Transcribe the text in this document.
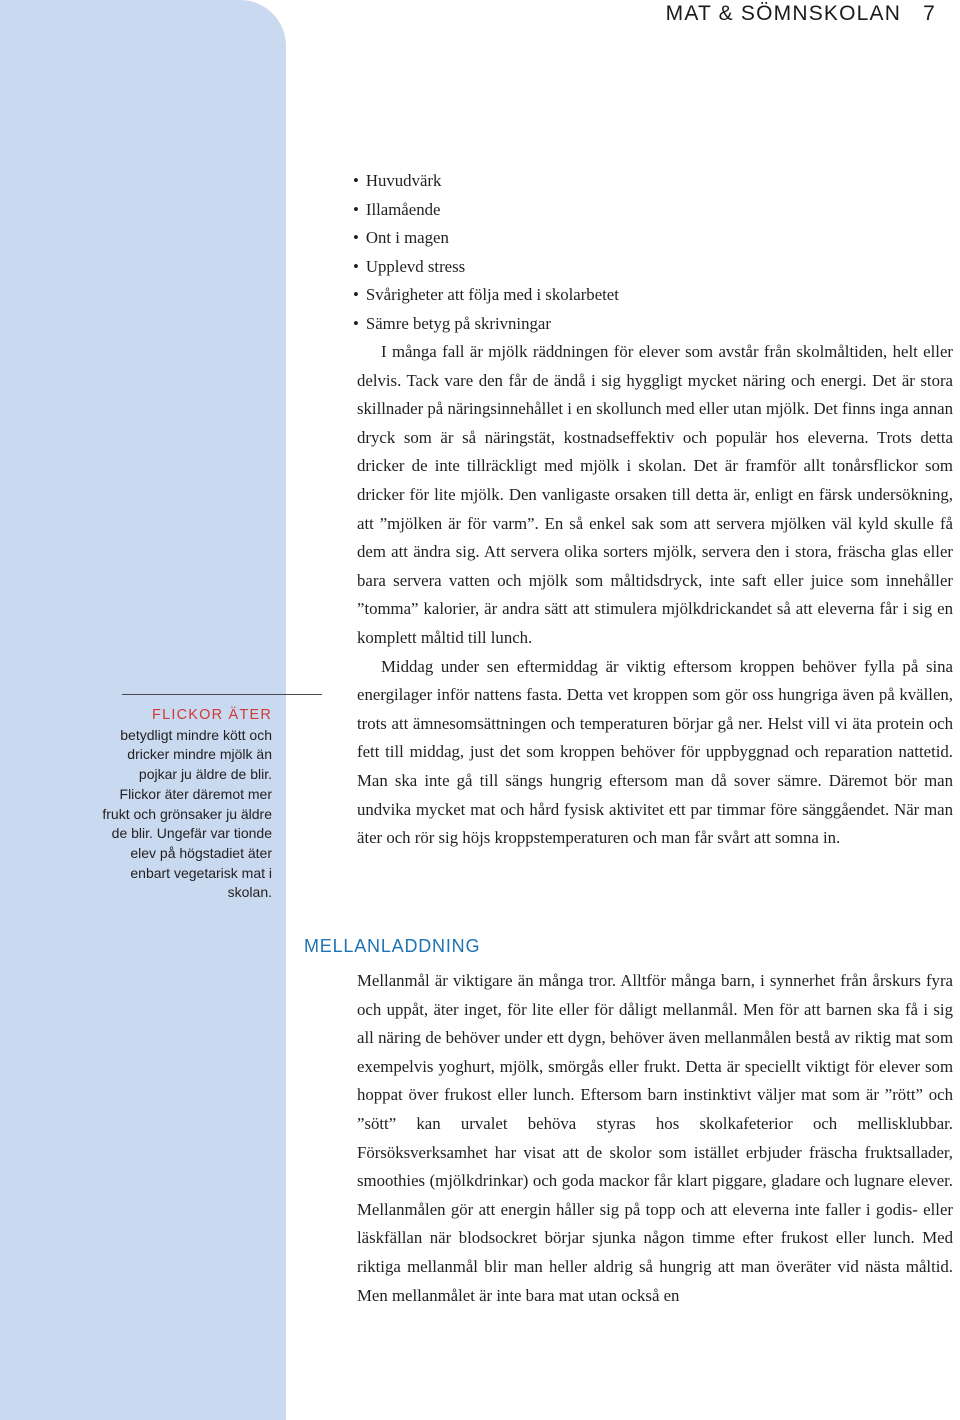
MAT & SÖMNSKOLAN 7
FLICKOR ÄTER
betydligt mindre kött och dricker mindre mjölk än pojkar ju äldre de blir. Flickor äter däremot mer frukt och grönsaker ju äldre de blir. Ungefär var tionde elev på högstadiet äter enbart vegetarisk mat i skolan.
• Huvudvärk
• Illamående
• Ont i magen
• Upplevd stress
• Svårigheter att följa med i skolarbetet
• Sämre betyg på skrivningar

I många fall är mjölk räddningen för elever som avstår från skolmåltiden, helt eller delvis. Tack vare den får de ändå i sig hyggligt mycket näring och energi. Det är stora skillnader på näringsinnehållet i en skollunch med eller utan mjölk. Det finns inga annan dryck som är så näringstät, kostnadseffektiv och populär hos eleverna. Trots detta dricker de inte tillräckligt med mjölk i skolan. Det är framför allt tonårsflickor som dricker för lite mjölk. Den vanligaste orsaken till detta är, enligt en färsk undersökning, att ”mjölken är för varm”. En så enkel sak som att servera mjölken väl kyld skulle få dem att ändra sig. Att servera olika sorters mjölk, servera den i stora, fräscha glas eller bara servera vatten och mjölk som måltidsdryck, inte saft eller juice som innehåller ”tomma” kalorier, är andra sätt att stimulera mjölkdrickandet så att eleverna får i sig en komplett måltid till lunch.

Middag under sen eftermiddag är viktig eftersom kroppen behöver fylla på sina energilager inför nattens fasta. Detta vet kroppen som gör oss hungriga även på kvällen, trots att ämnesomsättningen och temperaturen börjar gå ner. Helst vill vi äta protein och fett till middag, just det som kroppen behöver för uppbyggnad och reparation nattetid. Man ska inte gå till sängs hungrig eftersom man då sover sämre. Däremot bör man undvika mycket mat och hård fysisk aktivitet ett par timmar före sänggåendet. När man äter och rör sig höjs kroppstemperaturen och man får svårt att somna in.

MELLANLADDNING

Mellanmål är viktigare än många tror. Alltför många barn, i synnerhet från årskurs fyra och uppåt, äter inget, för lite eller för dåligt mellanmål. Men för att barnen ska få i sig all näring de behöver under ett dygn, behöver även mellanmålen bestå av riktig mat som exempelvis yoghurt, mjölk, smörgås eller frukt. Detta är speciellt viktigt för elever som hoppat över frukost eller lunch. Eftersom barn instinktivt väljer mat som är ”rött” och ”sött” kan urvalet behöva styras hos skolkafeterior och mellisklubbar. Försöksverksamhet har visat att de skolor som istället erbjuder fräscha fruktsallader, smoothies (mjölkdrinkar) och goda mackor får klart piggare, gladare och lugnare elever. Mellanmålen gör att energin håller sig på topp och att eleverna inte faller i godis- eller läskfällan när blodsockret börjar sjunka någon timme efter frukost eller lunch. Med riktiga mellanmål blir man heller aldrig så hungrig att man överäter vid nästa måltid. Men mellanmålet är inte bara mat utan också en
